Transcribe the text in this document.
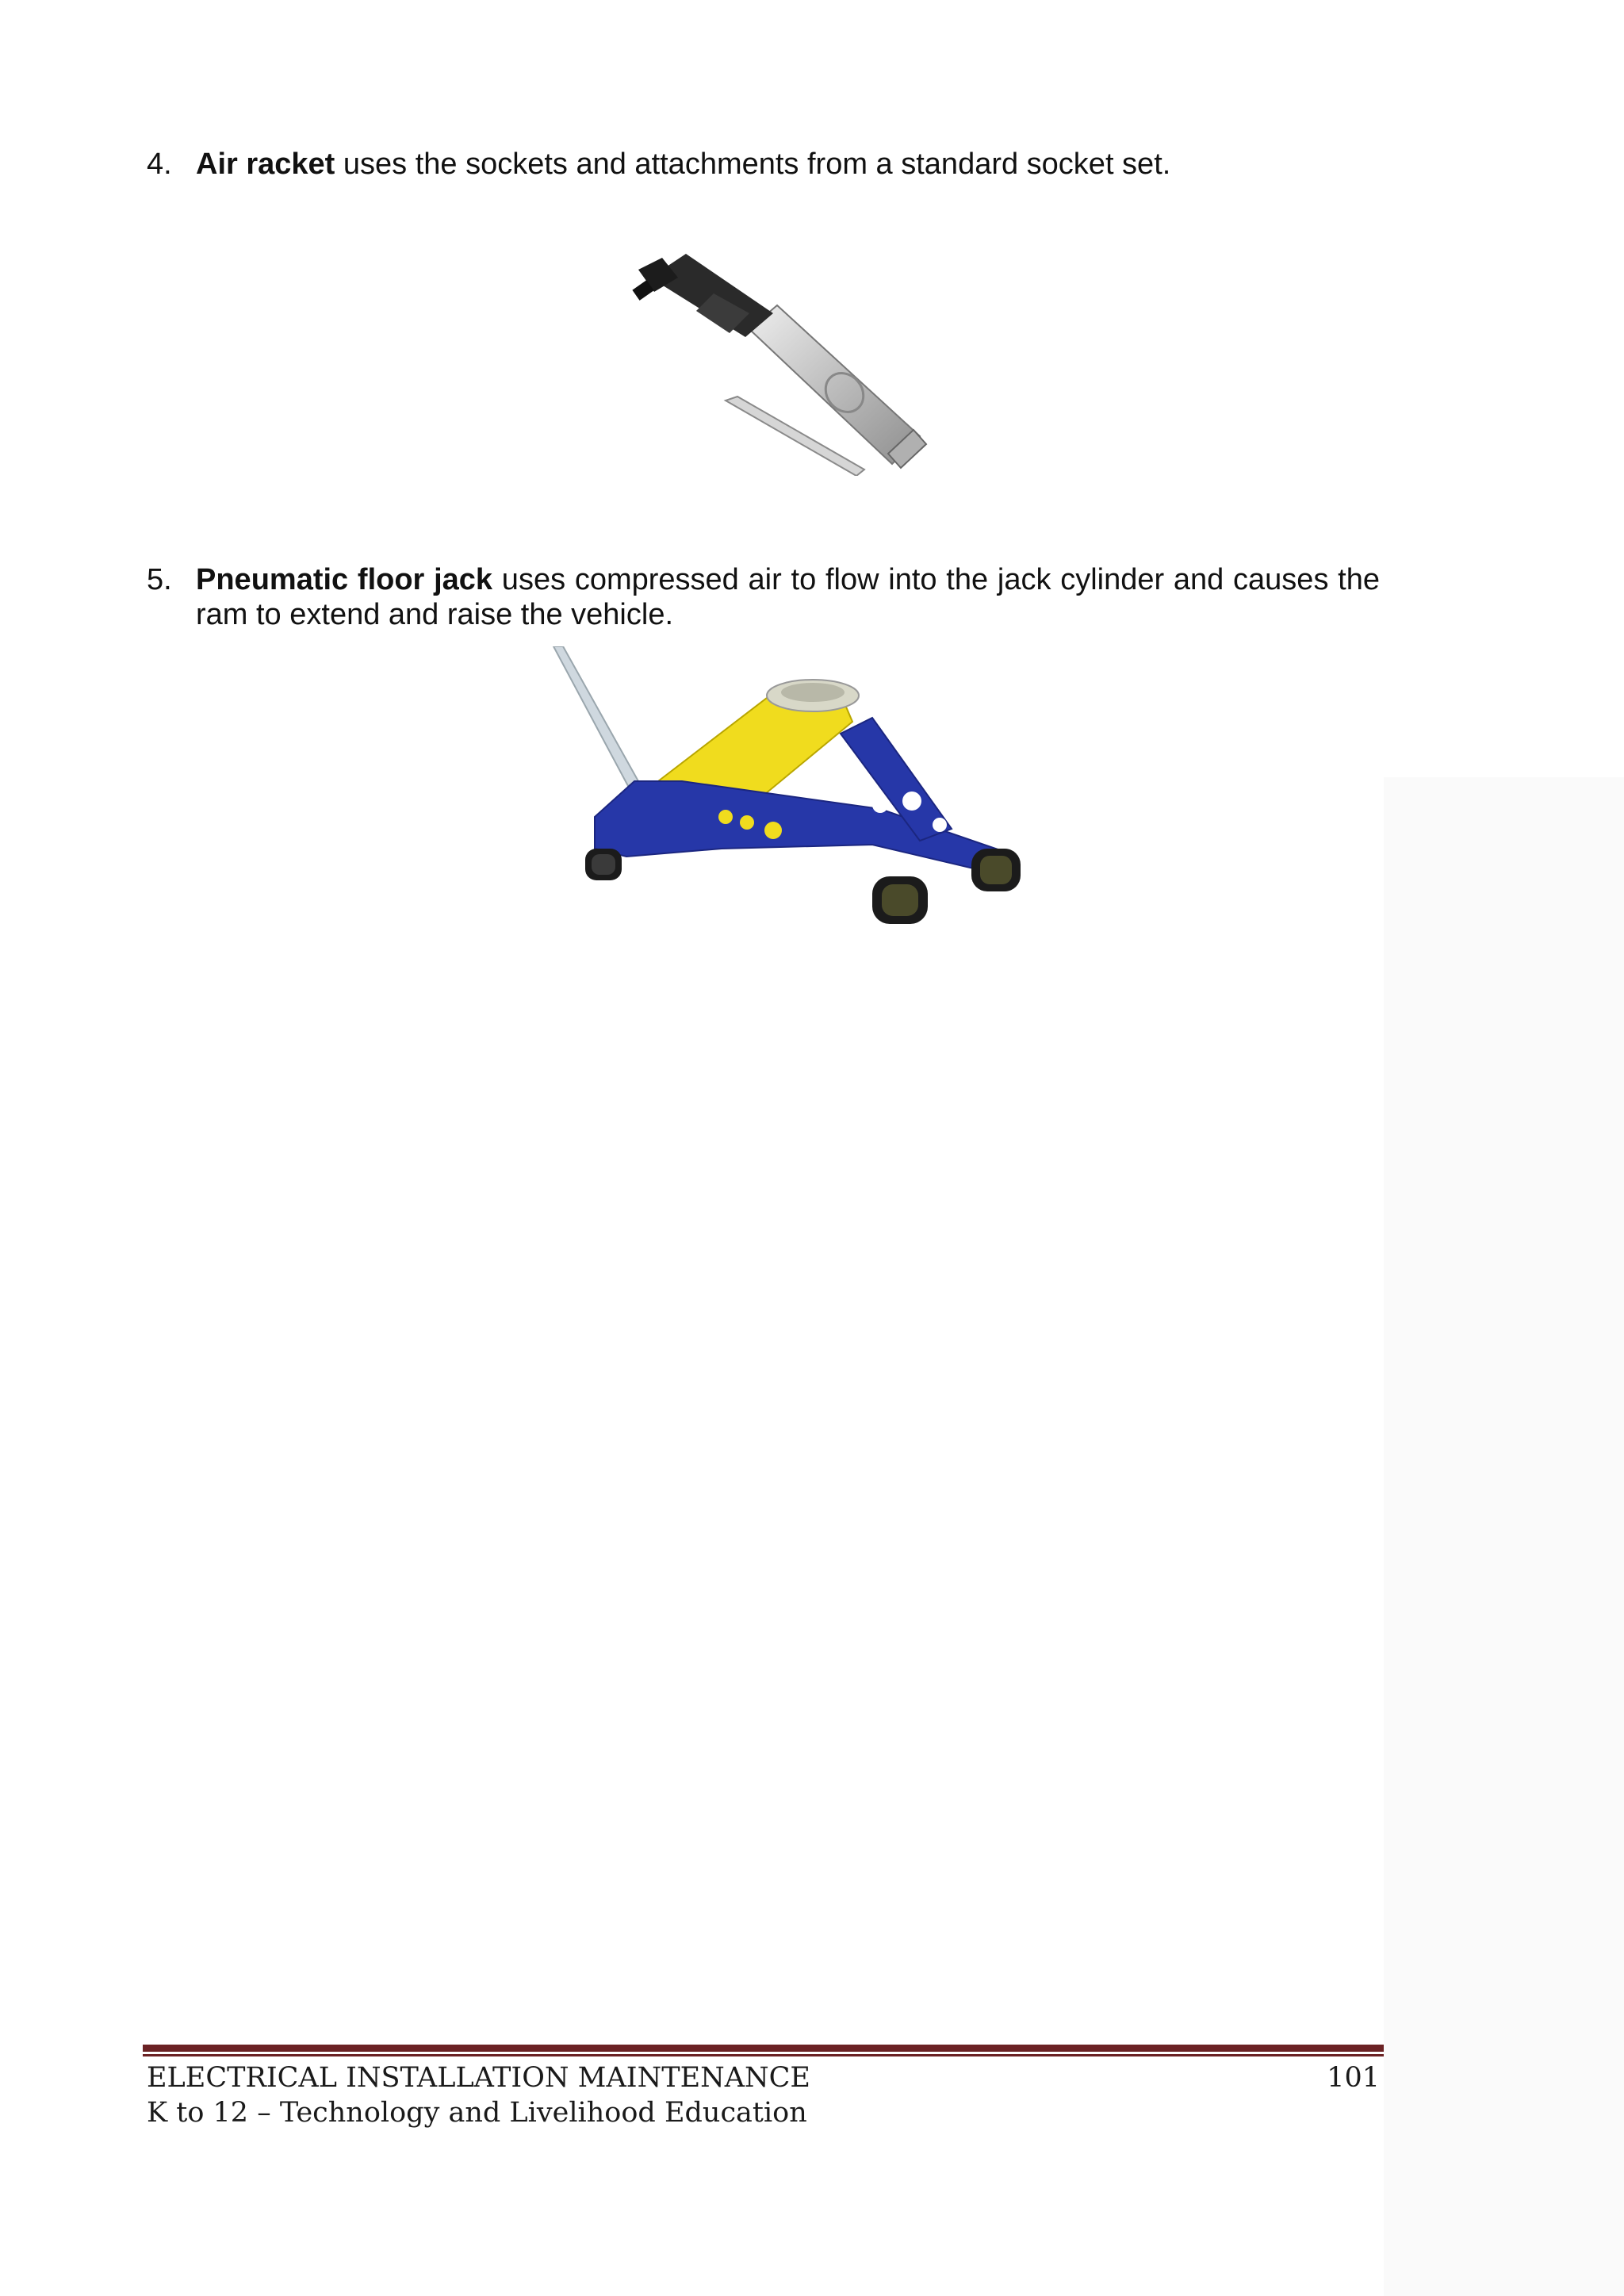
4. Air racket uses the sockets and attachments from a standard socket set.
5. Pneumatic floor jack uses compressed air to flow into the jack cylinder and causes the ram to extend and raise the vehicle.
ELECTRICAL INSTALLATION MAINTENANCE
K to 12 – Technology and Livelihood Education
101
